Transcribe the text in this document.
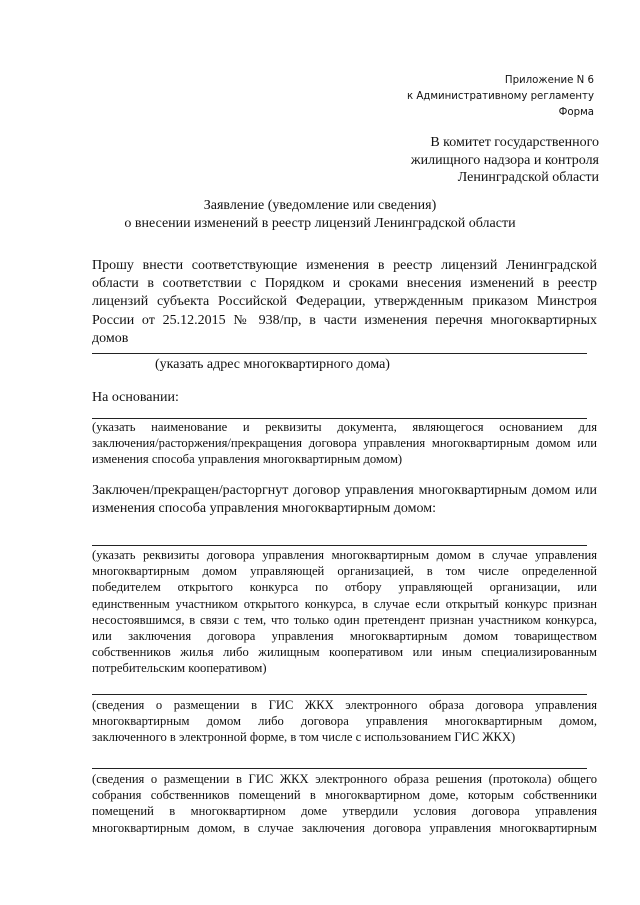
Приложение N 6
к Административному регламенту
Форма
В комитет государственного
жилищного надзора и контроля
Ленинградской области
Заявление (уведомление или сведения)
о внесении изменений в реестр лицензий Ленинградской области
Прошу внести соответствующие изменения в реестр лицензий Ленинградской
области в соответствии с Порядком и сроками внесения изменений в реестр
лицензий субъекта Российской Федерации, утвержденным приказом Минстроя
России от 25.12.2015 № 938/пр, в части изменения перечня многоквартирных
домов
(указать адрес многоквартирного дома)
На основании:
(указать наименование и реквизиты документа, являющегося основанием для
заключения/расторжения/прекращения договора управления многоквартирным домом или
изменения способа управления многоквартирным домом)
Заключен/прекращен/расторгнут договор управления многоквартирным домом или
изменения способа управления многоквартирным домом:
(указать реквизиты договора управления многоквартирным домом в случае управления
многоквартирным домом управляющей организацией, в том числе определенной
победителем открытого конкурса по отбору управляющей организации, или
единственным участником открытого конкурса, в случае если открытый конкурс признан
несостоявшимся, в связи с тем, что только один претендент признан участником конкурса,
или заключения договора управления многоквартирным домом товариществом
собственников жилья либо жилищным кооперативом или иным специализированным
потребительским кооперативом)
(сведения о размещении в ГИС ЖКХ электронного образа договора управления
многоквартирным домом либо договора управления многоквартирным домом,
заключенного в электронной форме, в том числе с использованием ГИС ЖКХ)
(сведения о размещении в ГИС ЖКХ электронного образа решения (протокола) общего
собрания собственников помещений в многоквартирном доме, которым собственники
помещений в многоквартирном доме утвердили условия договора управления
многоквартирным домом, в случае заключения договора управления многоквартирным
